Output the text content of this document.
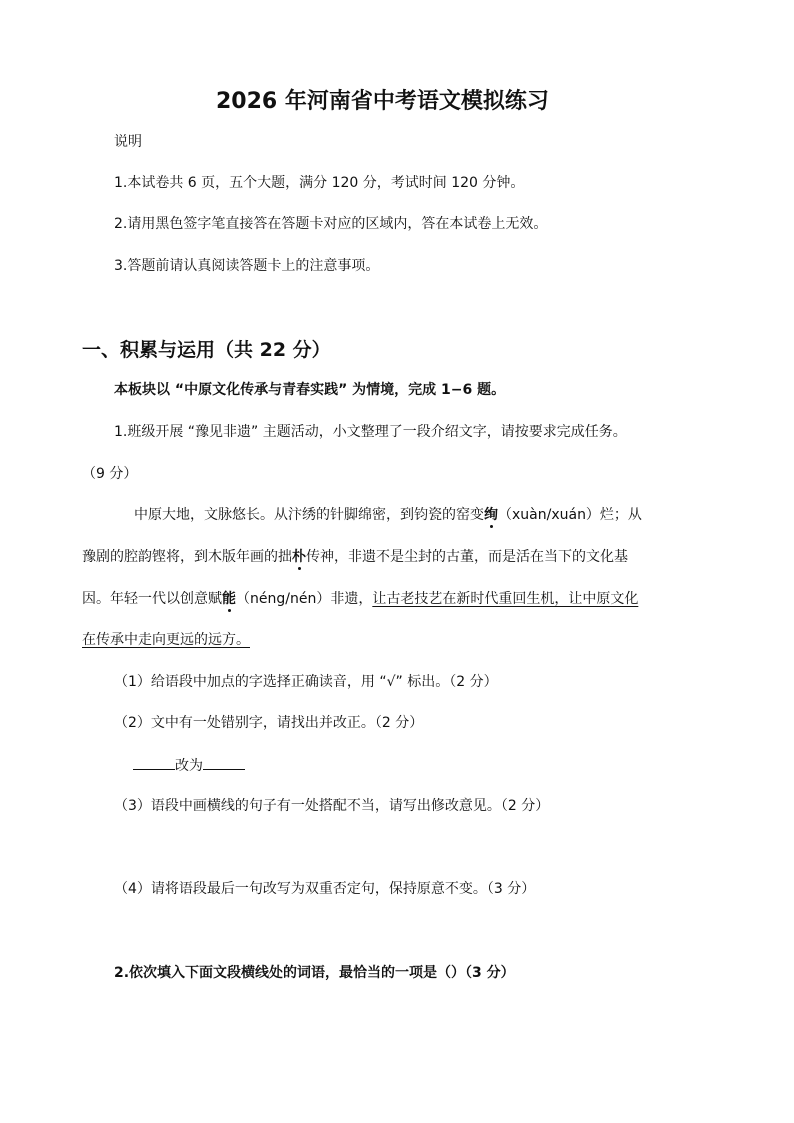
2026 年河南省中考语文模拟练习
说明
1.本试卷共 6 页，五个大题，满分 120 分，考试时间 120 分钟。
2.请用黑色签字笔直接答在答题卡对应的区域内，答在本试卷上无效。
3.答题前请认真阅读答题卡上的注意事项。
一、积累与运用（共 22 分）
本板块以 “中原文化传承与青春实践” 为情境，完成 1−6 题。
1.班级开展 “豫见非遗” 主题活动，小文整理了一段介绍文字，请按要求完成任务。
（9 分）
中原大地，文脉悠长。从汴绣的针脚绵密，到钧瓷的窑变绚（xuàn/xuán）烂；从
豫剧的腔韵铿将，到木版年画的拙朴传神，非遗不是尘封的古董，而是活在当下的文化基
因。年轻一代以创意赋能（néng/nén）非遗，让古老技艺在新时代重回生机，让中原文化
在传承中走向更远的远方。
（1）给语段中加点的字选择正确读音，用 “√” 标出。（2 分）
（2）文中有一处错别字，请找出并改正。（2 分）
改为
（3）语段中画横线的句子有一处搭配不当，请写出修改意见。（2 分）
（4）请将语段最后一句改写为双重否定句，保持原意不变。（3 分）
2.依次填入下面文段横线处的词语，最恰当的一项是（）（3 分）
